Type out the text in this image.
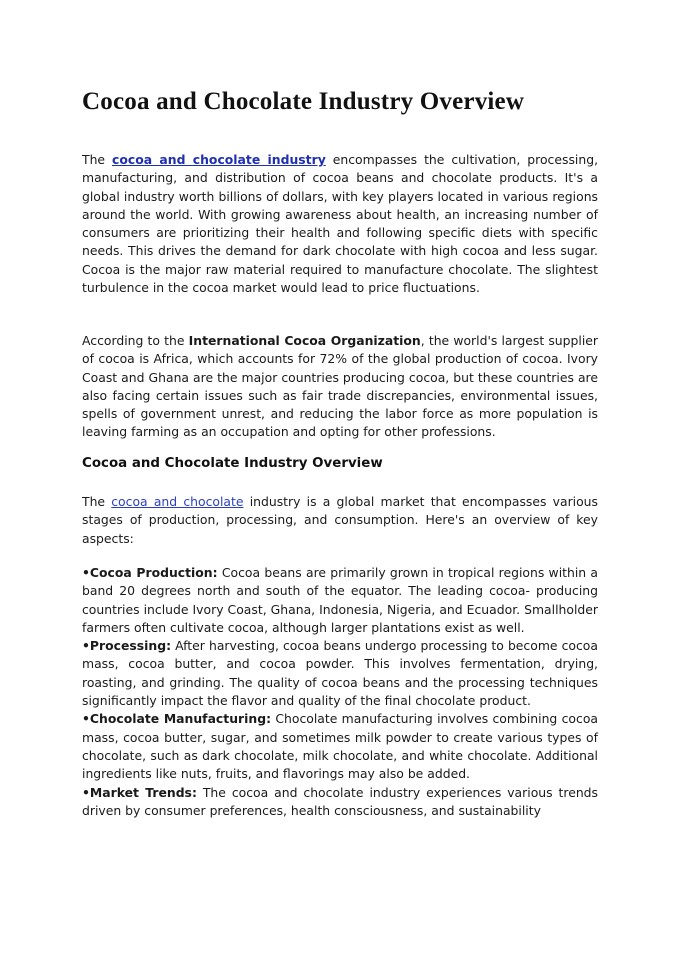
Cocoa and Chocolate Industry Overview

The cocoa and chocolate industry encompasses the cultivation, processing, manufacturing, and distribution of cocoa beans and chocolate products. It's a global industry worth billions of dollars, with key players located in various regions around the world. With growing awareness about health, an increasing number of consumers are prioritizing their health and following specific diets with specific needs. This drives the demand for dark chocolate with high cocoa and less sugar. Cocoa is the major raw material required to manufacture chocolate. The slightest turbulence in the cocoa market would lead to price fluctuations.

According to the International Cocoa Organization, the world's largest supplier of cocoa is Africa, which accounts for 72% of the global production of cocoa. Ivory Coast and Ghana are the major countries producing cocoa, but these countries are also facing certain issues such as fair trade discrepancies, environmental issues, spells of government unrest, and reducing the labor force as more population is leaving farming as an occupation and opting for other professions.

Cocoa and Chocolate Industry Overview

The cocoa and chocolate industry is a global market that encompasses various stages of production, processing, and consumption. Here's an overview of key aspects:

•Cocoa Production: Cocoa beans are primarily grown in tropical regions within a band 20 degrees north and south of the equator. The leading cocoa- producing countries include Ivory Coast, Ghana, Indonesia, Nigeria, and Ecuador. Smallholder farmers often cultivate cocoa, although larger plantations exist as well.

•Processing: After harvesting, cocoa beans undergo processing to become cocoa mass, cocoa butter, and cocoa powder. This involves fermentation, drying, roasting, and grinding. The quality of cocoa beans and the processing techniques significantly impact the flavor and quality of the final chocolate product.

•Chocolate Manufacturing: Chocolate manufacturing involves combining cocoa mass, cocoa butter, sugar, and sometimes milk powder to create various types of chocolate, such as dark chocolate, milk chocolate, and white chocolate. Additional ingredients like nuts, fruits, and flavorings may also be added.

•Market Trends: The cocoa and chocolate industry experiences various trends driven by consumer preferences, health consciousness, and sustainability
